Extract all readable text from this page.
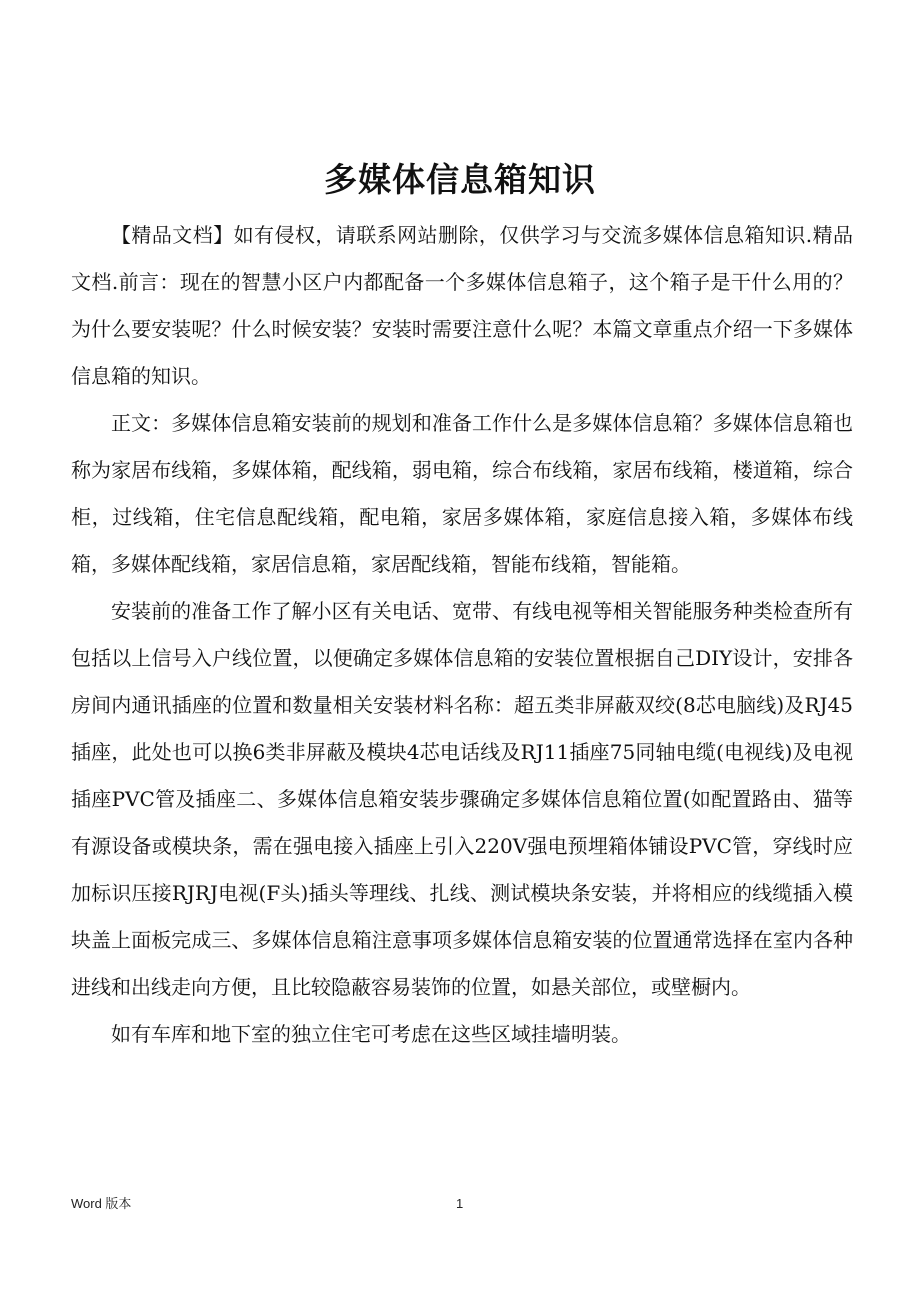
多媒体信息箱知识

【精品文档】如有侵权，请联系网站删除，仅供学习与交流多媒体信息箱知识.精品文档.前言：现在的智慧小区户内都配备一个多媒体信息箱子，这个箱子是干什么用的？为什么要安装呢？什么时候安装？安装时需要注意什么呢？本篇文章重点介绍一下多媒体信息箱的知识。

正文：多媒体信息箱安装前的规划和准备工作什么是多媒体信息箱？多媒体信息箱也称为家居布线箱，多媒体箱，配线箱，弱电箱，综合布线箱，家居布线箱，楼道箱，综合柜，过线箱，住宅信息配线箱，配电箱，家居多媒体箱，家庭信息接入箱，多媒体布线箱，多媒体配线箱，家居信息箱，家居配线箱，智能布线箱，智能箱。

安装前的准备工作了解小区有关电话、宽带、有线电视等相关智能服务种类检查所有包括以上信号入户线位置，以便确定多媒体信息箱的安装位置根据自己DIY设计，安排各房间内通讯插座的位置和数量相关安装材料名称：超五类非屏蔽双绞(8芯电脑线)及RJ45插座，此处也可以换6类非屏蔽及模块4芯电话线及RJ11插座75同轴电缆(电视线)及电视插座PVC管及插座二、多媒体信息箱安装步骤确定多媒体信息箱位置(如配置路由、猫等有源设备或模块条，需在强电接入插座上引入220V强电预埋箱体铺设PVC管，穿线时应加标识压接RJRJ电视(F头)插头等理线、扎线、测试模块条安装，并将相应的线缆插入模块盖上面板完成三、多媒体信息箱注意事项多媒体信息箱安装的位置通常选择在室内各种进线和出线走向方便，且比较隐蔽容易装饰的位置，如悬关部位，或壁橱内。

如有车库和地下室的独立住宅可考虑在这些区域挂墙明装。

Word 版本	1
